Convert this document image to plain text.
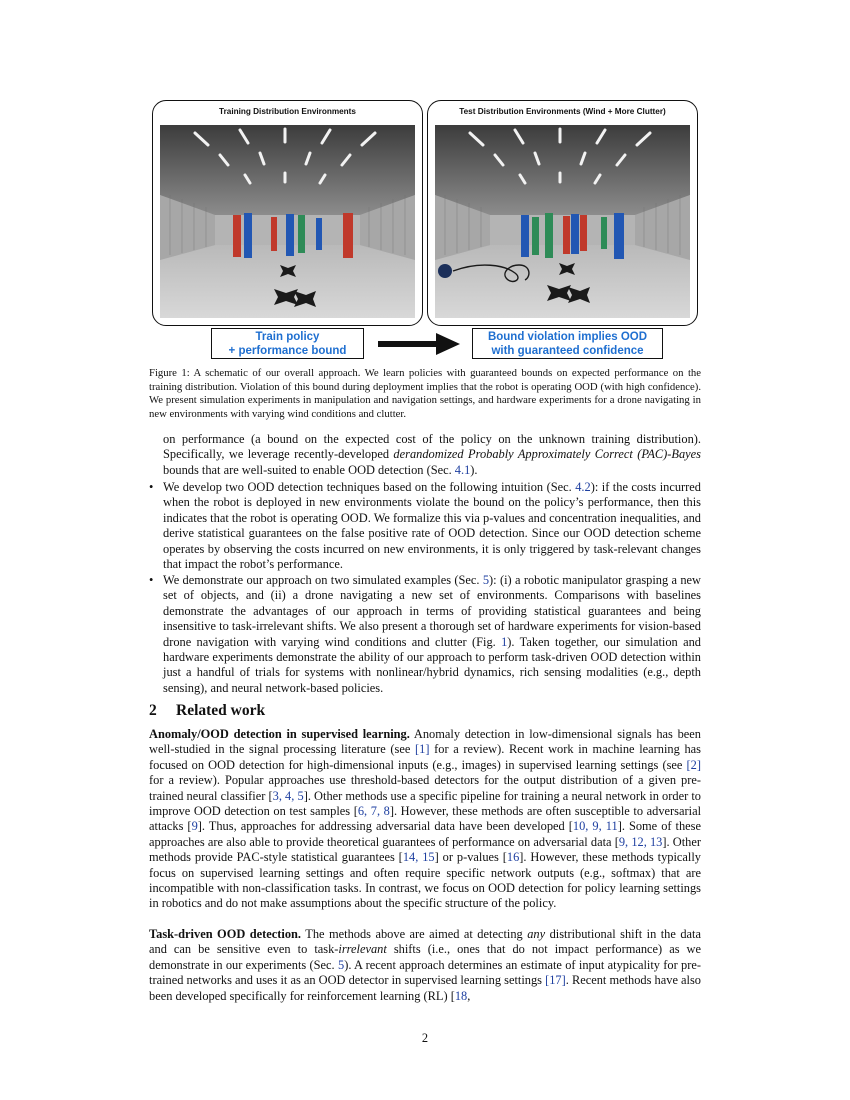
Training Distribution Environments	Test Distribution Environments (Wind + More Clutter)
Train policy
+ performance bound
Bound violation implies OOD
with guaranteed confidence
Figure 1: A schematic of our overall approach. We learn policies with guaranteed bounds on expected performance on the training distribution. Violation of this bound during deployment implies that the robot is operating OOD (with high confidence). We present simulation experiments in manipulation and navigation settings, and hardware experiments for a drone navigating in new environments with varying wind conditions and clutter.
on performance (a bound on the expected cost of the policy on the unknown training distribution). Specifically, we leverage recently-developed derandomized Probably Approximately Correct (PAC)-Bayes bounds that are well-suited to enable OOD detection (Sec. 4.1).
• We develop two OOD detection techniques based on the following intuition (Sec. 4.2): if the costs incurred when the robot is deployed in new environments violate the bound on the policy’s performance, then this indicates that the robot is operating OOD. We formalize this via p-values and concentration inequalities, and derive statistical guarantees on the false positive rate of OOD detection. Since our OOD detection scheme operates by observing the costs incurred on new environments, it is only triggered by task-relevant changes that impact the robot’s performance.
• We demonstrate our approach on two simulated examples (Sec. 5): (i) a robotic manipulator grasping a new set of objects, and (ii) a drone navigating a new set of environments. Comparisons with baselines demonstrate the advantages of our approach in terms of providing statistical guarantees and being insensitive to task-irrelevant shifts. We also present a thorough set of hardware experiments for vision-based drone navigation with varying wind conditions and clutter (Fig. 1). Taken together, our simulation and hardware experiments demonstrate the ability of our approach to perform task-driven OOD detection within just a handful of trials for systems with nonlinear/hybrid dynamics, rich sensing modalities (e.g., depth sensing), and neural network-based policies.
2 Related work
Anomaly/OOD detection in supervised learning. Anomaly detection in low-dimensional signals has been well-studied in the signal processing literature (see [1] for a review). Recent work in machine learning has focused on OOD detection for high-dimensional inputs (e.g., images) in supervised learning settings (see [2] for a review). Popular approaches use threshold-based detectors for the output distribution of a given pre-trained neural classifier [3, 4, 5]. Other methods use a specific pipeline for training a neural network in order to improve OOD detection on test samples [6, 7, 8]. However, these methods are often susceptible to adversarial attacks [9]. Thus, approaches for addressing adversarial data have been developed [10, 9, 11]. Some of these approaches are also able to provide theoretical guarantees of performance on adversarial data [9, 12, 13]. Other methods provide PAC-style statistical guarantees [14, 15] or p-values [16]. However, these methods typically focus on supervised learning settings and often require specific network outputs (e.g., softmax) that are incompatible with non-classification tasks. In contrast, we focus on OOD detection for policy learning settings in robotics and do not make assumptions about the specific structure of the policy.
Task-driven OOD detection. The methods above are aimed at detecting any distributional shift in the data and can be sensitive even to task-irrelevant shifts (i.e., ones that do not impact performance) as we demonstrate in our experiments (Sec. 5). A recent approach determines an estimate of input atypicality for pre-trained networks and uses it as an OOD detector in supervised learning settings [17]. Recent methods have also been developed specifically for reinforcement learning (RL) [18,
2
